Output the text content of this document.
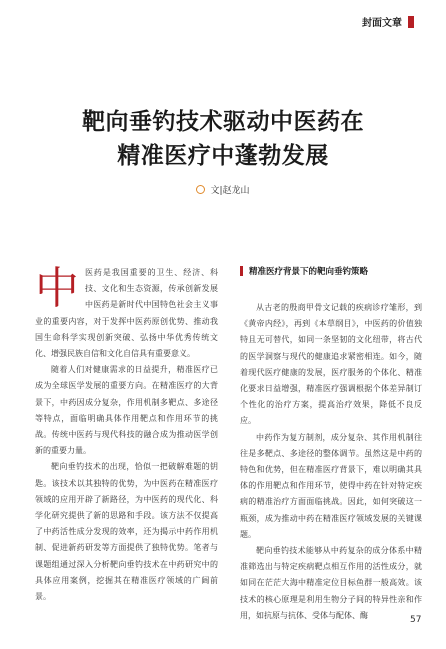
封面文章
靶向垂钓技术驱动中医药在
精准医疗中蓬勃发展
文|赵龙山

中 医药是我国重要的卫生、经济、科技、文化和生态资源，传承创新发展中医药是新时代中国特色社会主义事业的重要内容，对于发挥中医药原创优势、推动我国生命科学实现创新突破、弘扬中华优秀传统文化、增强民族自信和文化自信具有重要意义。

随着人们对健康需求的日益提升，精准医疗已成为全球医学发展的重要方向。在精准医疗的大背景下，中药因成分复杂，作用机制多靶点、多途径等特点，面临明确具体作用靶点和作用环节的挑战。传统中医药与现代科技的融合成为推动医学创新的重要力量。

靶向垂钓技术的出现，恰似一把破解难题的钥匙。该技术以其独特的优势，为中医药在精准医疗领域的应用开辟了新路径，为中医药的现代化、科学化研究提供了新的思路和手段。该方法不仅提高了中药活性成分发现的效率，还为揭示中药作用机制、促进新药研发等方面提供了独特优势。笔者与课题组通过深入分析靶向垂钓技术在中药研究中的具体应用案例，挖掘其在精准医疗领域的广阔前景。

精准医疗背景下的靶向垂钓策略

从古老的殷商甲骨文记载的疾病诊疗雏形，到《黄帝内经》，再到《本草纲目》，中医药的价值独特且无可替代，如同一条坚韧的文化纽带，将古代的医学洞察与现代的健康追求紧密相连。如今，随着现代医疗健康的发展，医疗服务的个体化、精准化要求日益增强，精准医疗强调根据个体差异制订个性化的治疗方案，提高治疗效果，降低不良反应。

中药作为复方制剂，成分复杂、其作用机制往往是多靶点、多途径的整体调节。虽然这是中药的特色和优势，但在精准医疗背景下，难以明确其具体的作用靶点和作用环节，使得中药在针对特定疾病的精准治疗方面面临挑战。因此，如何突破这一瓶颈，成为推动中药在精准医疗领域发展的关键课题。

靶向垂钓技术能够从中药复杂的成分体系中精准筛选出与特定疾病靶点相互作用的活性成分，就如同在茫茫大海中精准定位目标鱼群一般高效。该技术的核心原理是利用生物分子间的特异性亲和作用，如抗原与抗体、受体与配体、酶	57
